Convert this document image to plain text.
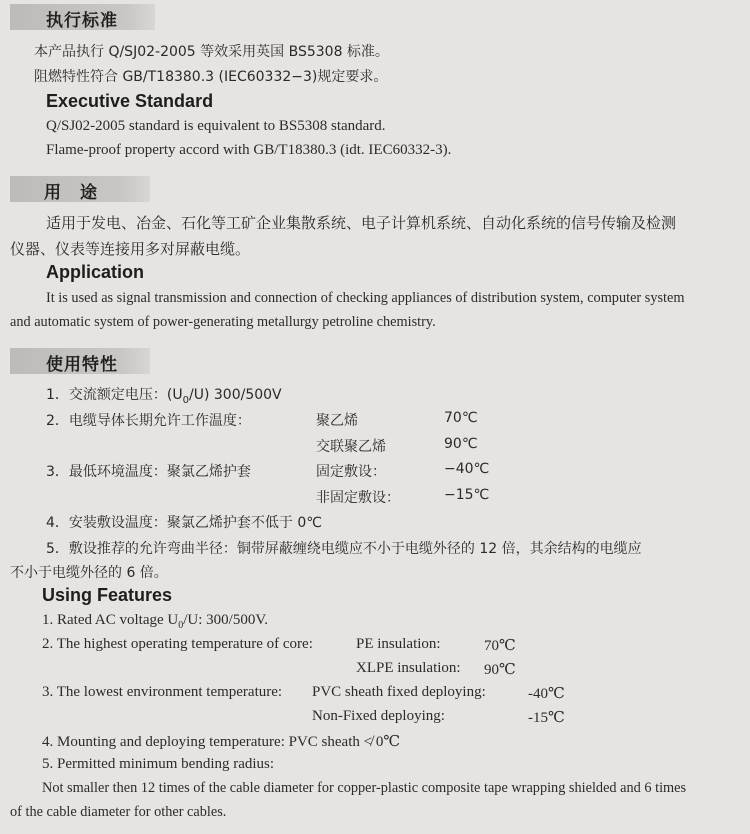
执行标准
本产品执行 Q/SJ02-2005 等效采用英国 BS5308 标准。
阻燃特性符合 GB/T18380.3 (IEC60332−3)规定要求。
Executive Standard
Q/SJ02-2005 standard is equivalent to BS5308 standard.
Flame-proof property accord with GB/T18380.3 (idt. IEC60332-3).
用　途
适用于发电、冶金、石化等工矿企业集散系统、电子计算机系统、自动化系统的信号传输及检测
仪器、仪表等连接用多对屏蔽电缆。
Application
It is used as signal transmission and connection of checking appliances of distribution system, computer system
and automatic system of power-generating metallurgy petroline chemistry.
使用特性
1．交流额定电压：$(U_0/U)$ 300/500V
2．电缆导体长期允许工作温度：	聚乙烯	70℃
交联聚乙烯	90℃
3．最低环境温度：聚氯乙烯护套	固定敷设：	−40℃
非固定敷设：	−15℃
4．安装敷设温度：聚氯乙烯护套不低于 0℃
5．敷设推荐的允许弯曲半径：铜带屏蔽缠绕电缆应不小于电缆外径的 12 倍，其余结构的电缆应
不小于电缆外径的 6 倍。
Using Features
1. Rated AC voltage $U_0/U$: 300/500V.
2. The highest operating temperature of core:	PE insulation:	70℃
XLPE insulation: 90℃
3. The lowest environment temperature: PVC sheath fixed deploying:	-40℃
Non-Fixed deploying:	-15℃
4. Mounting and deploying temperature: PVC sheath ≮ 0℃
5. Permitted minimum bending radius:
Not smaller then 12 times of the cable diameter for copper-plastic composite tape wrapping shielded and 6 times
of the cable diameter for other cables.
